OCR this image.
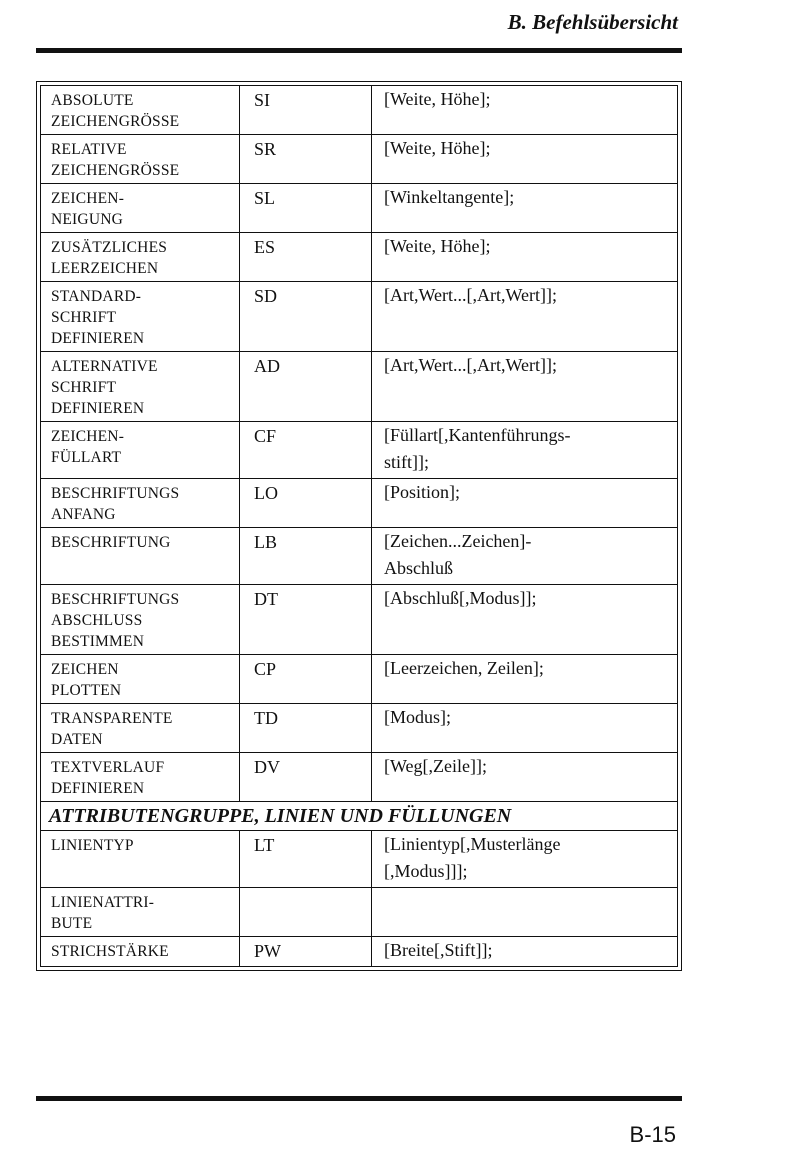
B. Befehlsübersicht
ABSOLUTE
ZEICHENGRÖSSE	SI	[Weite, Höhe];
RELATIVE
ZEICHENGRÖSSE	SR	[Weite, Höhe];
ZEICHEN-
NEIGUNG	SL	[Winkeltangente];
ZUSÄTZLICHES
LEERZEICHEN	ES	[Weite, Höhe];
STANDARD-
SCHRIFT
DEFINIEREN	SD	[Art,Wert...[,Art,Wert]];
ALTERNATIVE
SCHRIFT
DEFINIEREN	AD	[Art,Wert...[,Art,Wert]];
ZEICHEN-
FÜLLART	CF	[Füllart[,Kantenführungs-
stift]];
BESCHRIFTUNGS
ANFANG	LO	[Position];
BESCHRIFTUNG	LB	[Zeichen...Zeichen]-
Abschluß
BESCHRIFTUNGS
ABSCHLUSS
BESTIMMEN	DT	[Abschluß[,Modus]];
ZEICHEN
PLOTTEN	CP	[Leerzeichen, Zeilen];
TRANSPARENTE
DATEN	TD	[Modus];
TEXTVERLAUF
DEFINIEREN	DV	[Weg[,Zeile]];
ATTRIBUTENGRUPPE, LINIEN UND FÜLLUNGEN		
LINIENTYP	LT	[Linientyp[,Musterlänge
[,Modus]]];
LINIENATTRI-
BUTE		
STRICHSTÄRKE	PW	[Breite[,Stift]];
B-15
